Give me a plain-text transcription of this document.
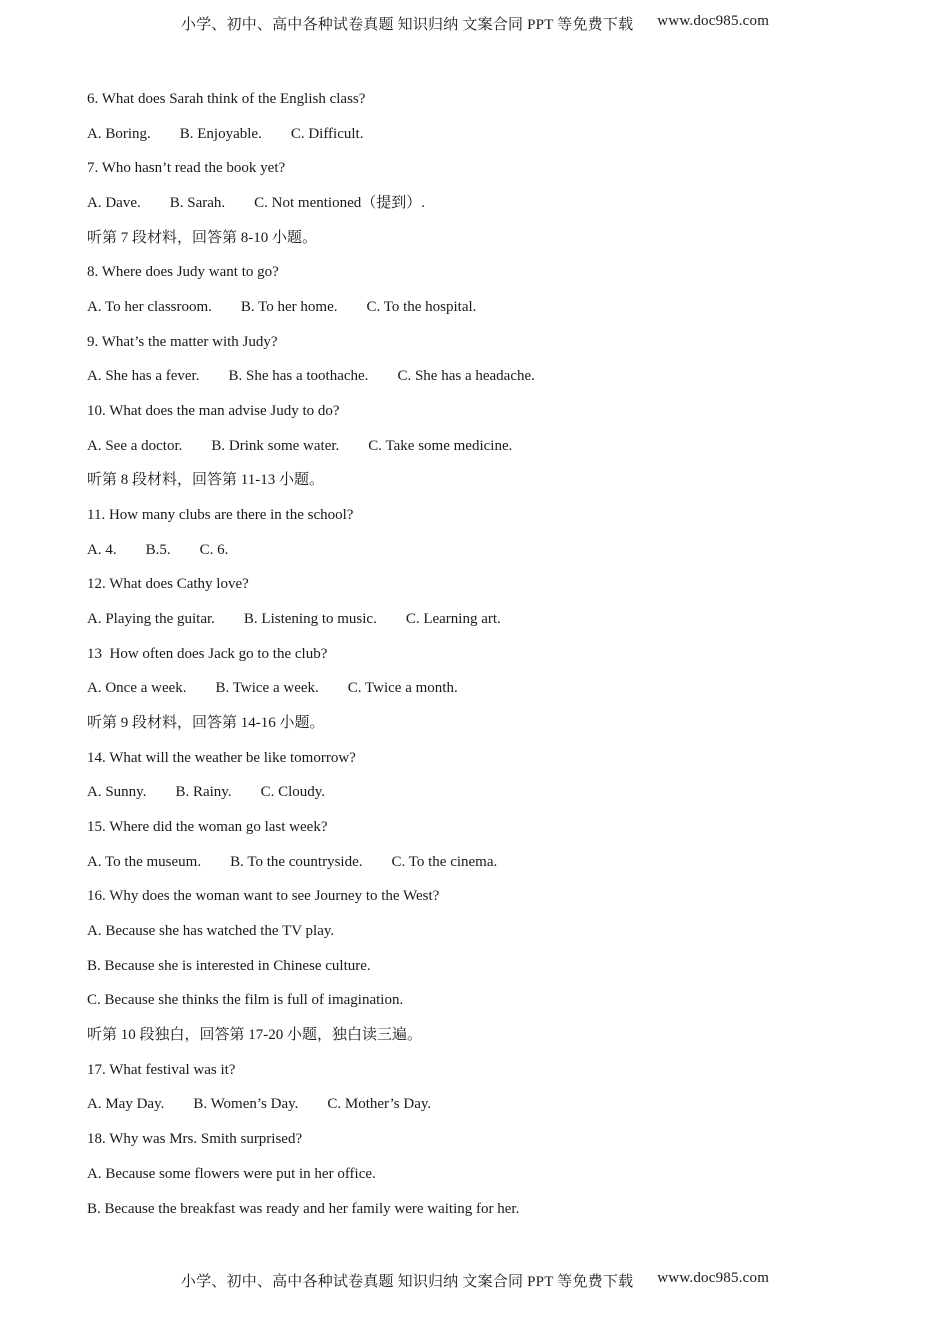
小学、初中、高中各种试卷真题 知识归纳 文案合同 PPT 等免费下载 www.doc985.com
6. What does Sarah think of the English class?
A. Boring. B. Enjoyable. C. Difficult.
7. Who hasn’t read the book yet?
A. Dave. B. Sarah. C. Not mentioned（提到）.
听第 7 段材料，回答第 8-10 小题。
8. Where does Judy want to go?
A. To her classroom. B. To her home. C. To the hospital.
9. What’s the matter with Judy?
A. She has a fever. B. She has a toothache. C. She has a headache.
10. What does the man advise Judy to do?
A. See a doctor. B. Drink some water. C. Take some medicine.
听第 8 段材料，回答第 11-13 小题。
11. How many clubs are there in the school?
A. 4. B.5. C. 6.
12. What does Cathy love?
A. Playing the guitar. B. Listening to music. C. Learning art.
13  How often does Jack go to the club?
A. Once a week. B. Twice a week. C. Twice a month.
听第 9 段材料，回答第 14-16 小题。
14. What will the weather be like tomorrow?
A. Sunny. B. Rainy. C. Cloudy.
15. Where did the woman go last week?
A. To the museum. B. To the countryside. C. To the cinema.
16. Why does the woman want to see Journey to the West?
A. Because she has watched the TV play.
B. Because she is interested in Chinese culture.
C. Because she thinks the film is full of imagination.
听第 10 段独白，回答第 17-20 小题，独白读三遍。
17. What festival was it?
A. May Day. B. Women’s Day. C. Mother’s Day.
18. Why was Mrs. Smith surprised?
A. Because some flowers were put in her office.
B. Because the breakfast was ready and her family were waiting for her.
小学、初中、高中各种试卷真题 知识归纳 文案合同 PPT 等免费下载 www.doc985.com
